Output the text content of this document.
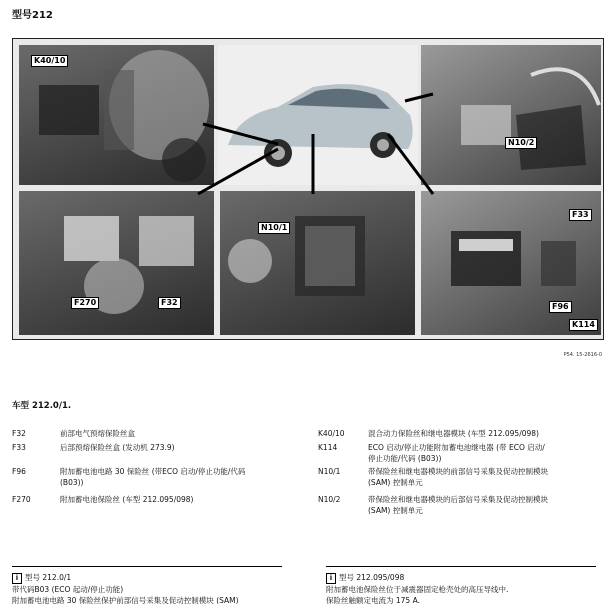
型号212
K40/10
N10/2
N10/1
F33
F270	F32	F96
K114
P54. 15-2616-0
车型 212.0/1.
F32	前部电气预熔保险丝盒
F33	后部预熔保险丝盒 (发动机 273.9)
F96	附加蓄电池电路 30 保险丝 (带ECO 启动/停止功能/代码
(B03))
F270	附加蓄电池保险丝 (车型 212.095/098)
K40/10	混合动力保险丝和继电器模块 (车型 212.095/098)
K114	ECO 启动/停止功能附加蓄电池继电器 (带 ECO 启动/
停止功能/代码 (B03))
N10/1	带保险丝和继电器模块的前部信号采集及促动控制模块
(SAM) 控制单元
N10/2	带保险丝和继电器模块的后部信号采集及促动控制模块
(SAM) 控制单元
i 型号 212.0/1
带代码B03 (ECO 起动/停止功能)
附加蓄电池电路 30 保险丝保护前部信号采集及促动控制模块 (SAM)
i 型号 212.095/098
附加蓄电池保险丝位于减震器固定枪壳处的高压导线中.
保险丝触额定电流为 175 A.
